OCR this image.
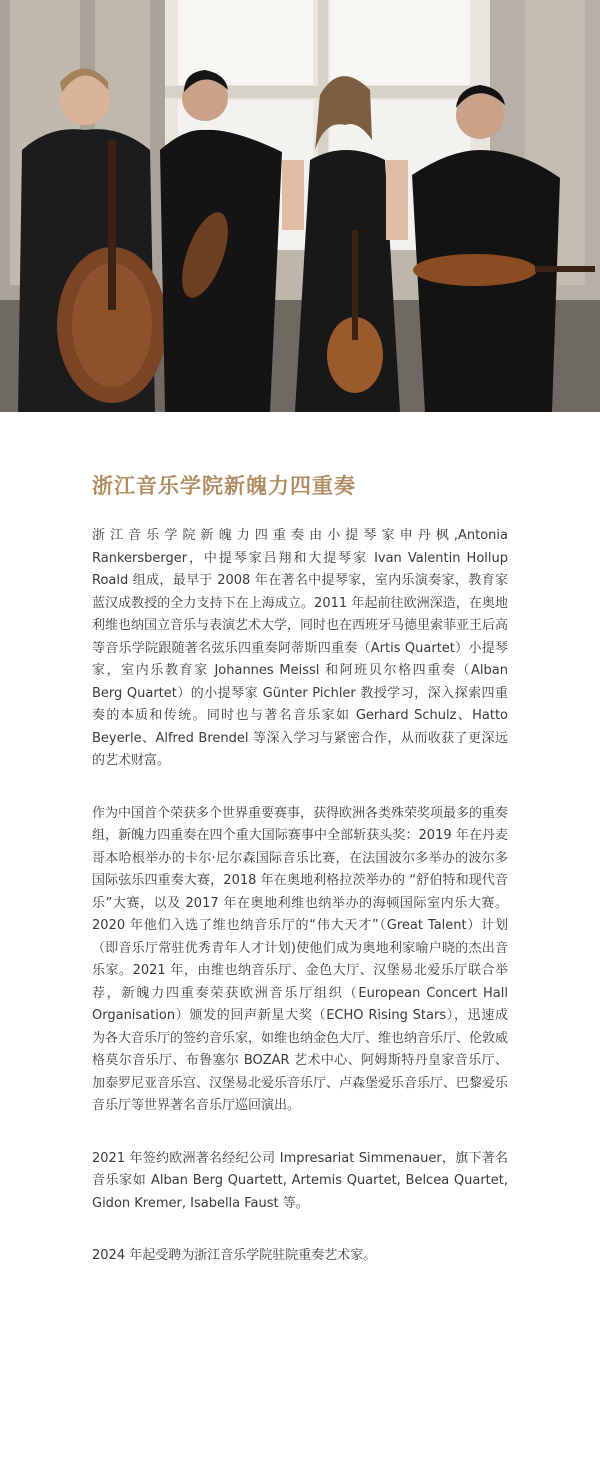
浙江音乐学院新魄力四重奏

浙江音乐学院新魄力四重奏由小提琴家申丹枫,Antonia Rankersberger，中提琴家吕翔和大提琴家 Ivan Valentin Hollup Roald 组成，最早于 2008 年在著名中提琴家，室内乐演奏家，教育家蓝汉成教授的全力支持下在上海成立。2011 年起前往欧洲深造，在奥地利维也纳国立音乐与表演艺术大学，同时也在西班牙马德里索菲亚王后高等音乐学院跟随著名弦乐四重奏阿蒂斯四重奏（Artis Quartet）小提琴家，室内乐教育家 Johannes Meissl 和阿班贝尔格四重奏（Alban Berg Quartet）的小提琴家 Günter Pichler 教授学习，深入探索四重奏的本质和传统。同时也与著名音乐家如 Gerhard Schulz、Hatto Beyerle、Alfred Brendel 等深入学习与紧密合作，从而收获了更深远的艺术财富。

作为中国首个荣获多个世界重要赛事，获得欧洲各类殊荣奖项最多的重奏组，新魄力四重奏在四个重大国际赛事中全部斩获头奖：2019 年在丹麦哥本哈根举办的卡尔·尼尔森国际音乐比赛，在法国波尔多举办的波尔多国际弦乐四重奏大赛，2018 年在奥地利格拉茨举办的 “舒伯特和现代音乐”大赛，以及 2017 年在奥地利维也纳举办的海顿国际室内乐大赛。2020 年他们入选了维也纳音乐厅的“伟大天才”（Great Talent）计划（即音乐厅常驻优秀青年人才计划)使他们成为奥地利家喻户晓的杰出音乐家。2021 年，由维也纳音乐厅、金色大厅、汉堡易北爱乐厅联合举荐，新魄力四重奏荣获欧洲音乐厅组织（European Concert Hall Organisation）颁发的回声新星大奖（ECHO Rising Stars），迅速成为各大音乐厅的签约音乐家，如维也纳金色大厅、维也纳音乐厅、伦敦威格莫尔音乐厅、布鲁塞尔 BOZAR 艺术中心、阿姆斯特丹皇家音乐厅、加泰罗尼亚音乐宫、汉堡易北爱乐音乐厅、卢森堡爱乐音乐厅、巴黎爱乐音乐厅等世界著名音乐厅巡回演出。

2021 年签约欧洲著名经纪公司 Impresariat Simmenauer，旗下著名音乐家如 Alban Berg Quartett, Artemis Quartet, Belcea Quartet, Gidon Kremer, Isabella Faust 等。

2024 年起受聘为浙江音乐学院驻院重奏艺术家。
